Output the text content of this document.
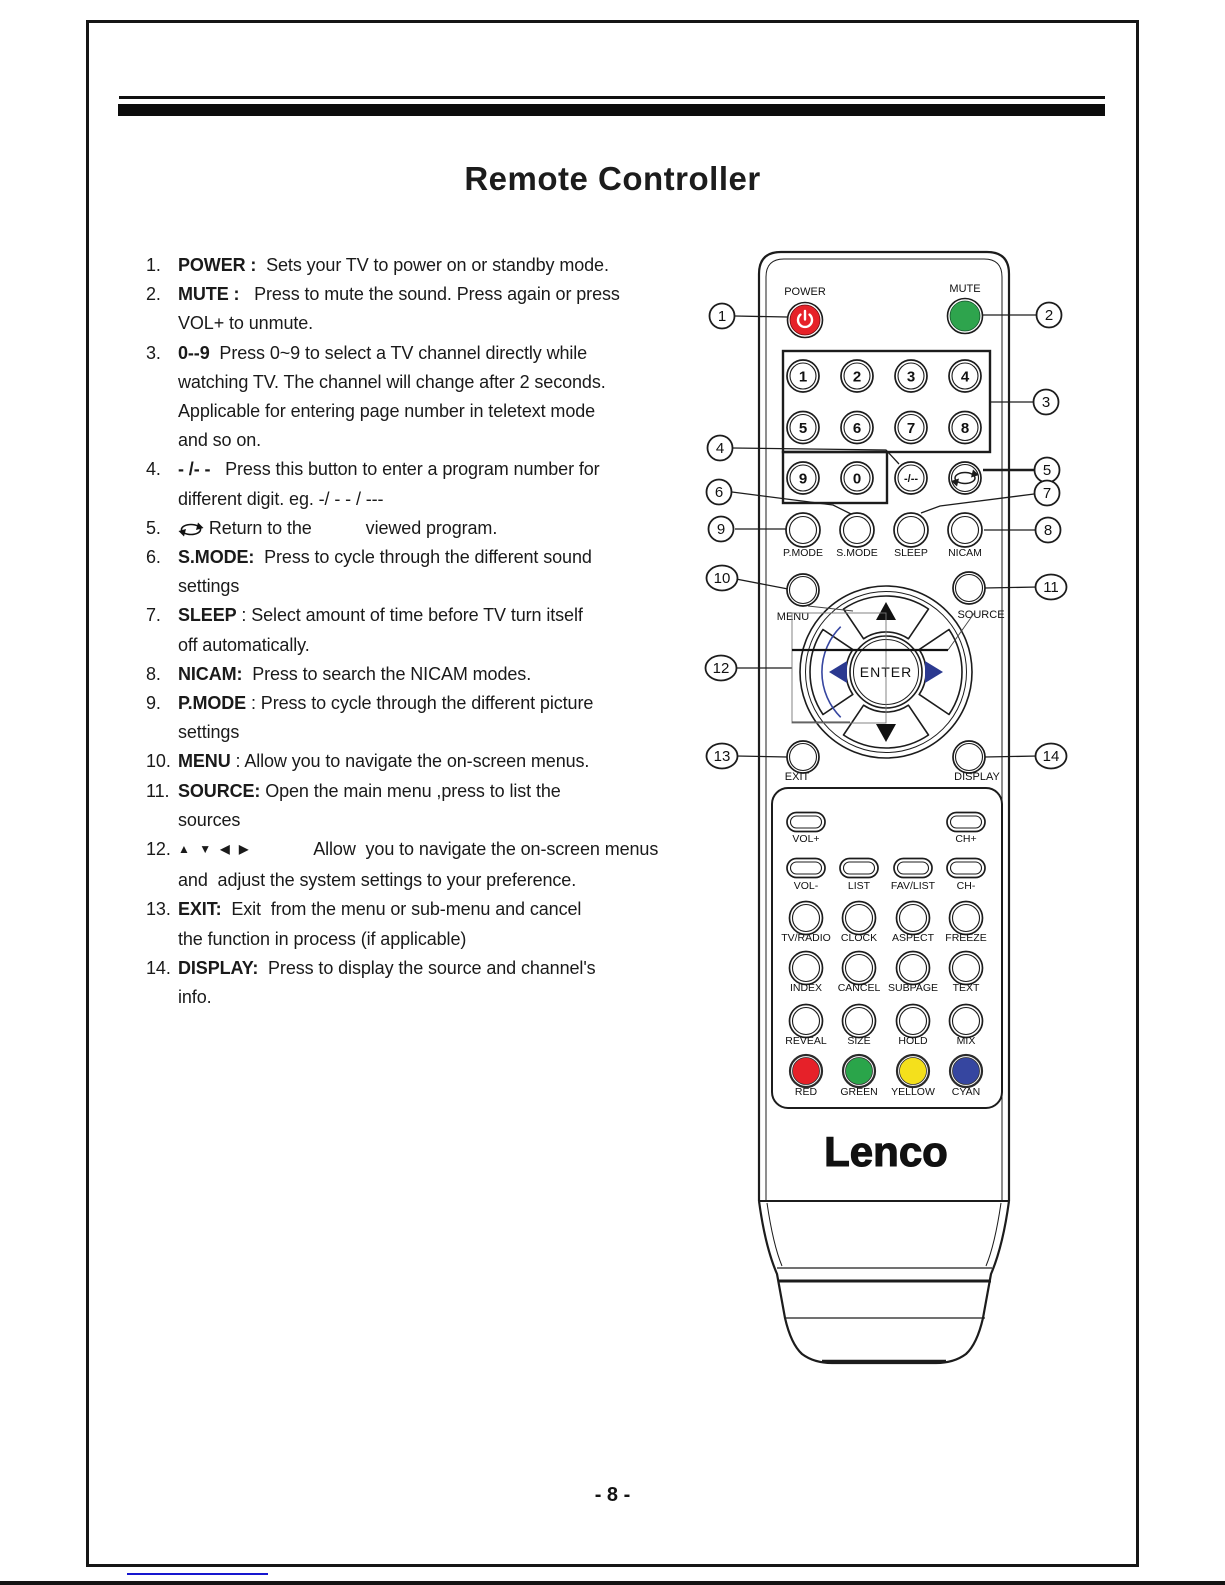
Remote Controller
1. POWER :  Sets your TV to power on or standby mode.
2. MUTE :   Press to mute the sound. Press again or press
VOL+ to unmute.
3. 0--9  Press 0~9 to select a TV channel directly while
watching TV. The channel will change after 2 seconds.
Applicable for entering page number in teletext mode
and so on.
4. - /- -   Press this button to enter a program number for
different digit. eg. -/ - - / ---
5.	Return to the	viewed program.
6. S.MODE:  Press to cycle through the different sound
settings
7. SLEEP : Select amount of time before TV turn itself
off automatically.
8. NICAM:  Press to search the NICAM modes.
9. P.MODE : Press to cycle through the different picture
settings
10. MENU : Allow you to navigate the on-screen menus.
11. SOURCE: Open the main menu ,press to list the
sources
12. ▲ ▼ ◀ ▶	Allow  you to navigate the on-screen menus
and  adjust the system settings to your preference.
13. EXIT:  Exit  from the menu or sub-menu and cancel
the function in process (if applicable)
14. DISPLAY:  Press to display the source and channel's
info.
POWER	MUTE
1	2	3	4
5	6	7	8
9	0	-/--
P.MODE S.MODE SLEEP NICAM
MENU	SOURCE
ENTER
EXIT	DISPLAY
VOL+	CH+
VOL-	LIST FAV/LIST CH-
TV/RADIO CLOCK ASPECT FREEZE
INDEX CANCEL SUBPAGE TEXT
REVEAL SIZE	HOLD	MIX
RED GREEN YELLOW CYAN
Lenco
1	2
3
4
5
6	7
8
9
10
11
12
13	14
- 8 -
